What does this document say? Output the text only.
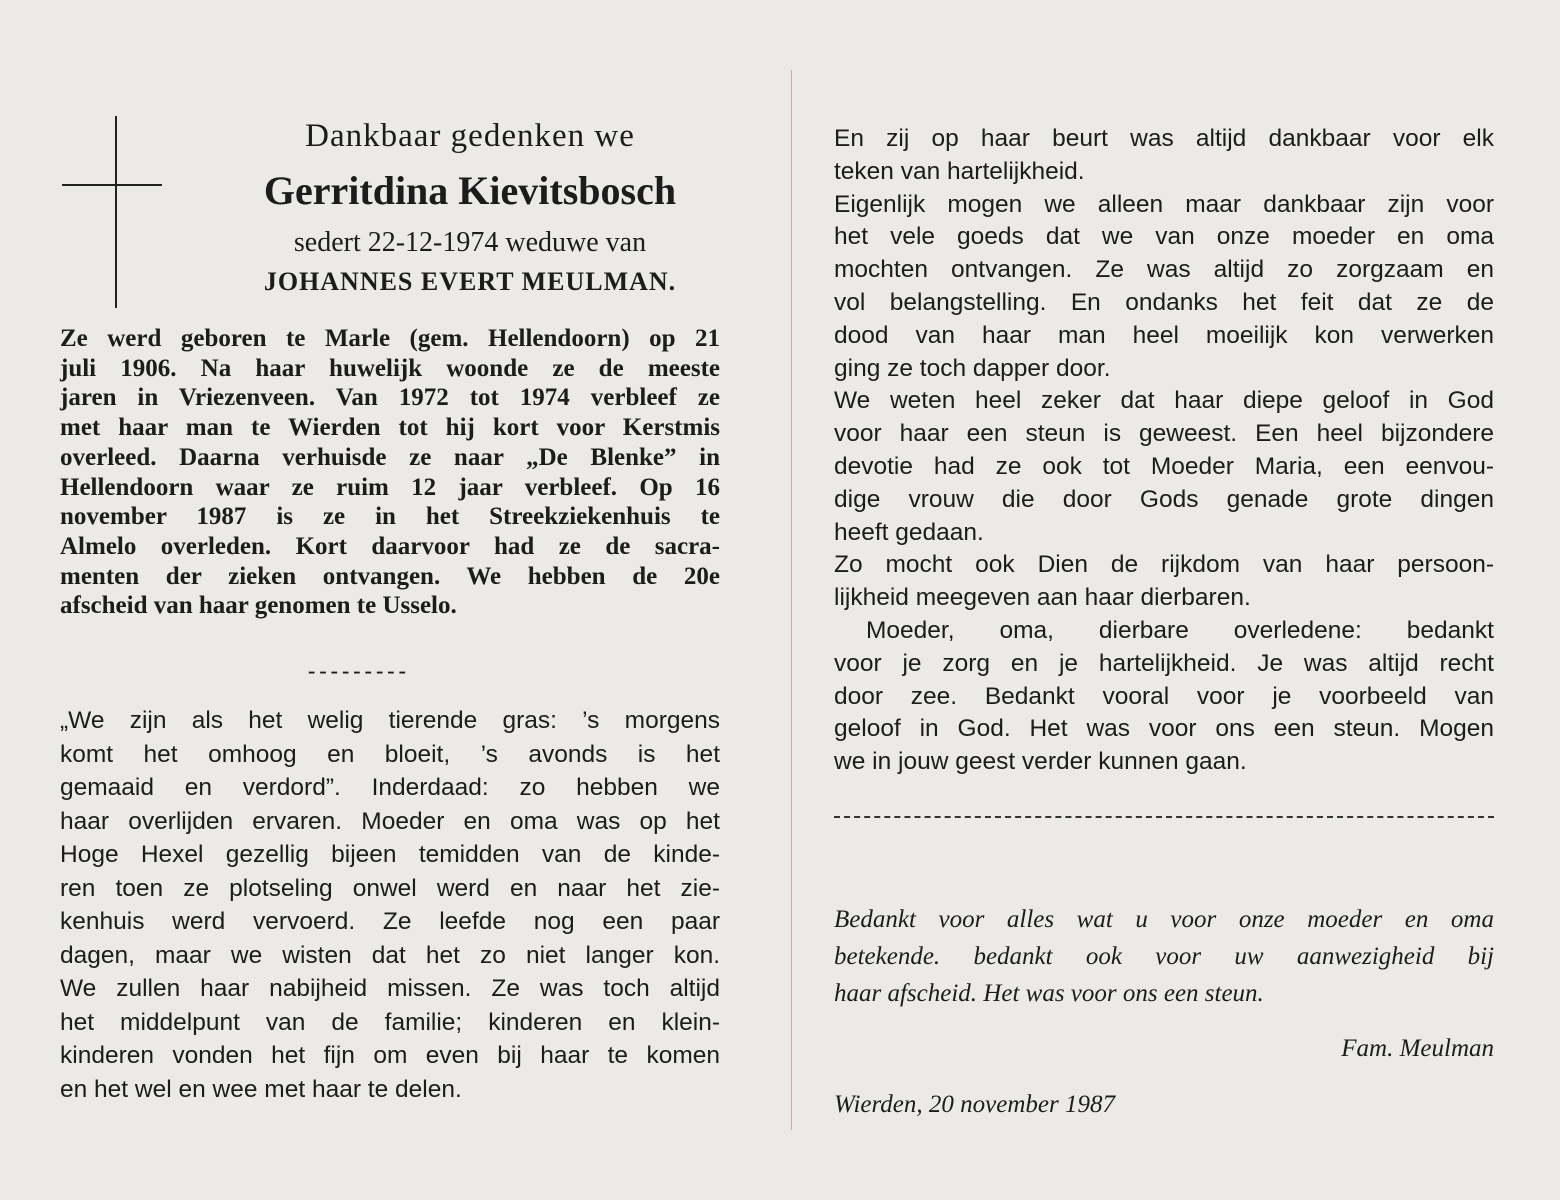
Dankbaar gedenken we
Gerritdina Kievitsbosch
sedert 22-12-1974 weduwe van
JOHANNES EVERT MEULMAN.
Ze werd geboren te Marle (gem. Hellendoorn) op 21
juli 1906. Na haar huwelijk woonde ze de meeste
jaren in Vriezenveen. Van 1972 tot 1974 verbleef ze
met haar man te Wierden tot hij kort voor Kerstmis
overleed. Daarna verhuisde ze naar „De Blenke” in
Hellendoorn waar ze ruim 12 jaar verbleef. Op 16
november 1987 is ze in het Streekziekenhuis te
Almelo overleden. Kort daarvoor had ze de sacra-
menten der zieken ontvangen. We hebben de 20e
afscheid van haar genomen te Usselo.
---------
„We zijn als het welig tierende gras: ’s morgens
komt het omhoog en bloeit, ’s avonds is het
gemaaid en verdord”. Inderdaad: zo hebben we
haar overlijden ervaren. Moeder en oma was op het
Hoge Hexel gezellig bijeen temidden van de kinde-
ren toen ze plotseling onwel werd en naar het zie-
kenhuis werd vervoerd. Ze leefde nog een paar
dagen, maar we wisten dat het zo niet langer kon.
We zullen haar nabijheid missen. Ze was toch altijd
het middelpunt van de familie; kinderen en klein-
kinderen vonden het fijn om even bij haar te komen
en het wel en wee met haar te delen.
En zij op haar beurt was altijd dankbaar voor elk
teken van hartelijkheid.
Eigenlijk mogen we alleen maar dankbaar zijn voor
het vele goeds dat we van onze moeder en oma
mochten ontvangen. Ze was altijd zo zorgzaam en
vol belangstelling. En ondanks het feit dat ze de
dood van haar man heel moeilijk kon verwerken
ging ze toch dapper door.
We weten heel zeker dat haar diepe geloof in God
voor haar een steun is geweest. Een heel bijzondere
devotie had ze ook tot Moeder Maria, een eenvou-
dige vrouw die door Gods genade grote dingen
heeft gedaan.
Zo mocht ook Dien de rijkdom van haar persoon-
lijkheid meegeven aan haar dierbaren.
Moeder, oma, dierbare overledene: bedankt
voor je zorg en je hartelijkheid. Je was altijd recht
door zee. Bedankt vooral voor je voorbeeld van
geloof in God. Het was voor ons een steun. Mogen
we in jouw geest verder kunnen gaan.
Bedankt voor alles wat u voor onze moeder en oma
betekende. bedankt ook voor uw aanwezigheid bij
haar afscheid. Het was voor ons een steun.
Fam. Meulman
Wierden, 20 november 1987
